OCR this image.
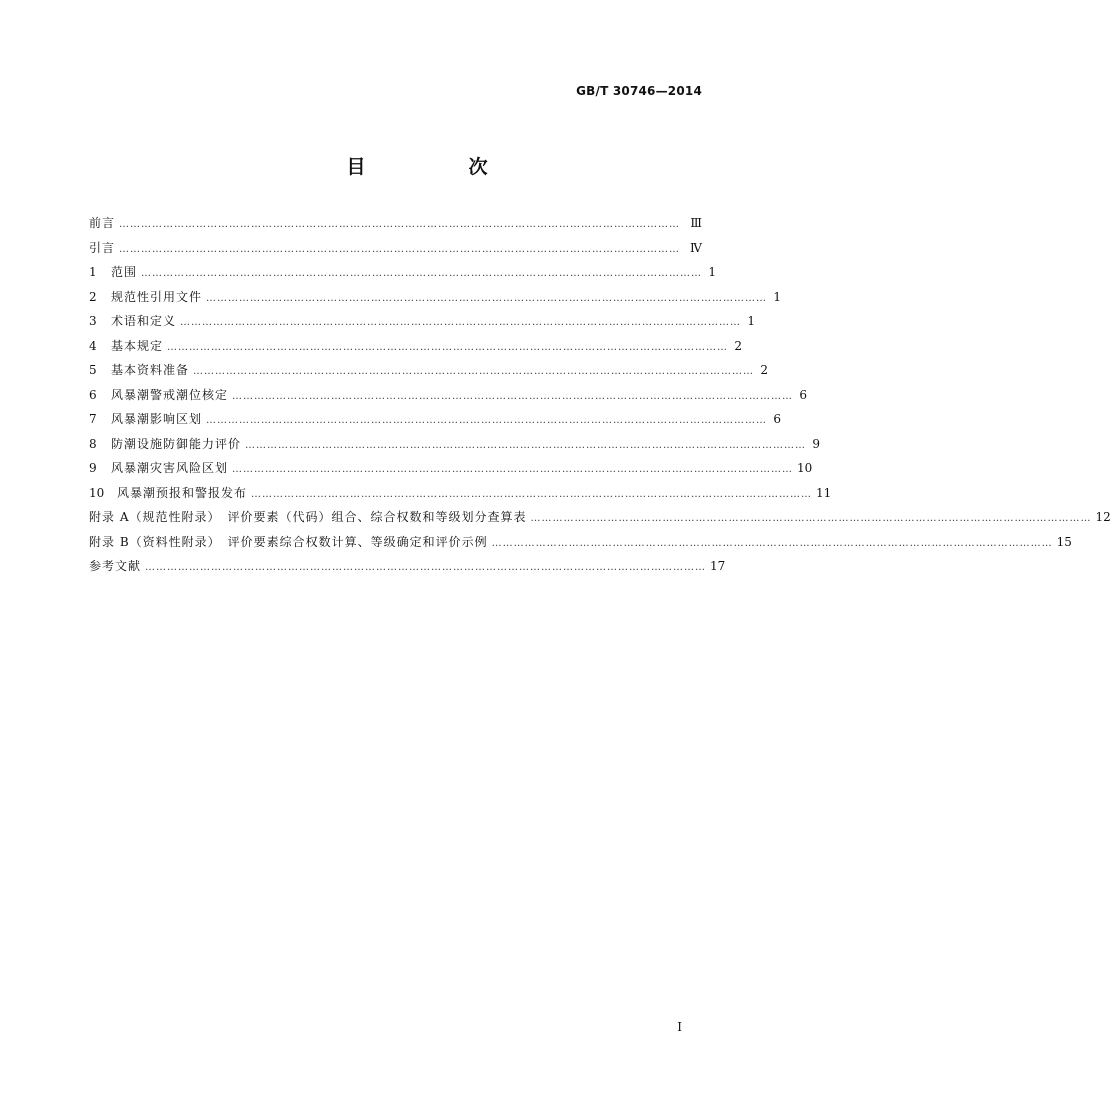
GB/T 30746—2014
目　次
前言 ……………………………………………………………………………………………………………………………………… Ⅲ
引言 ……………………………………………………………………………………………………………………………………… Ⅳ
1	范围 ……………………………………………………………………………………………………………………………………… 1
2	规范性引用文件 ……………………………………………………………………………………………………………………………………… 1
3	术语和定义 ……………………………………………………………………………………………………………………………………… 1
4	基本规定 ……………………………………………………………………………………………………………………………………… 2
5	基本资料准备 ……………………………………………………………………………………………………………………………………… 2
6	风暴潮警戒潮位核定 ……………………………………………………………………………………………………………………………………… 6
7	风暴潮影响区划 ……………………………………………………………………………………………………………………………………… 6
8	防潮设施防御能力评价 ……………………………………………………………………………………………………………………………………… 9
9	风暴潮灾害风险区划 ……………………………………………………………………………………………………………………………………… 10
10	风暴潮预报和警报发布 ……………………………………………………………………………………………………………………………………… 11
附录 A（规范性附录）　评价要素（代码）组合、综合权数和等级划分查算表 ……………………………………………………………………………………………………………………………………… 12
附录 B（资料性附录）　评价要素综合权数计算、等级确定和评价示例 ……………………………………………………………………………………………………………………………………… 15
参考文献 ……………………………………………………………………………………………………………………………………… 17
I
